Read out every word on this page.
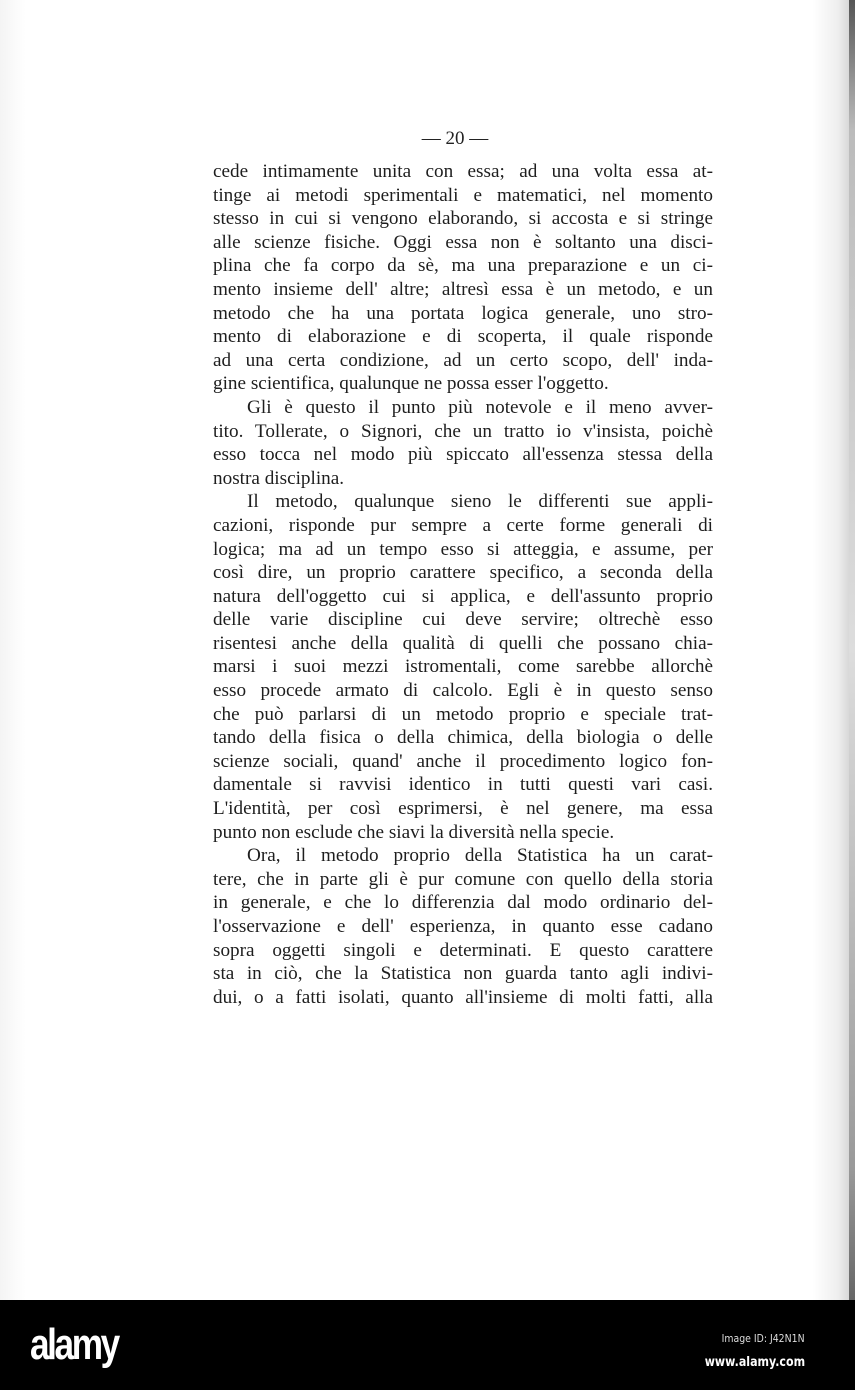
— 20 —
cede intimamente unita con essa; ad una volta essa at-
tinge ai metodi sperimentali e matematici, nel momento
stesso in cui si vengono elaborando, si accosta e si stringe
alle scienze fisiche. Oggi essa non è soltanto una disci-
plina che fa corpo da sè, ma una preparazione e un ci-
mento insieme dell' altre; altresì essa è un metodo, e un
metodo che ha una portata logica generale, uno stro-
mento di elaborazione e di scoperta, il quale risponde
ad una certa condizione, ad un certo scopo, dell' inda-
gine scientifica, qualunque ne possa esser l'oggetto.
Gli è questo il punto più notevole e il meno avver-
tito. Tollerate, o Signori, che un tratto io v'insista, poichè
esso tocca nel modo più spiccato all'essenza stessa della
nostra disciplina.
Il metodo, qualunque sieno le differenti sue appli-
cazioni, risponde pur sempre a certe forme generali di
logica; ma ad un tempo esso si atteggia, e assume, per
così dire, un proprio carattere specifico, a seconda della
natura dell'oggetto cui si applica, e dell'assunto proprio
delle varie discipline cui deve servire; oltrechè esso
risentesi anche della qualità di quelli che possano chia-
marsi i suoi mezzi istromentali, come sarebbe allorchè
esso procede armato di calcolo. Egli è in questo senso
che può parlarsi di un metodo proprio e speciale trat-
tando della fisica o della chimica, della biologia o delle
scienze sociali, quand' anche il procedimento logico fon-
damentale si ravvisi identico in tutti questi vari casi.
L'identità, per così esprimersi, è nel genere, ma essa
punto non esclude che siavi la diversità nella specie.
Ora, il metodo proprio della Statistica ha un carat-
tere, che in parte gli è pur comune con quello della storia
in generale, e che lo differenzia dal modo ordinario del-
l'osservazione e dell' esperienza, in quanto esse cadano
sopra oggetti singoli e determinati. E questo carattere
sta in ciò, che la Statistica non guarda tanto agli indivi-
dui, o a fatti isolati, quanto all'insieme di molti fatti, alla
alamy	Image ID: J42N1N
www.alamy.com
